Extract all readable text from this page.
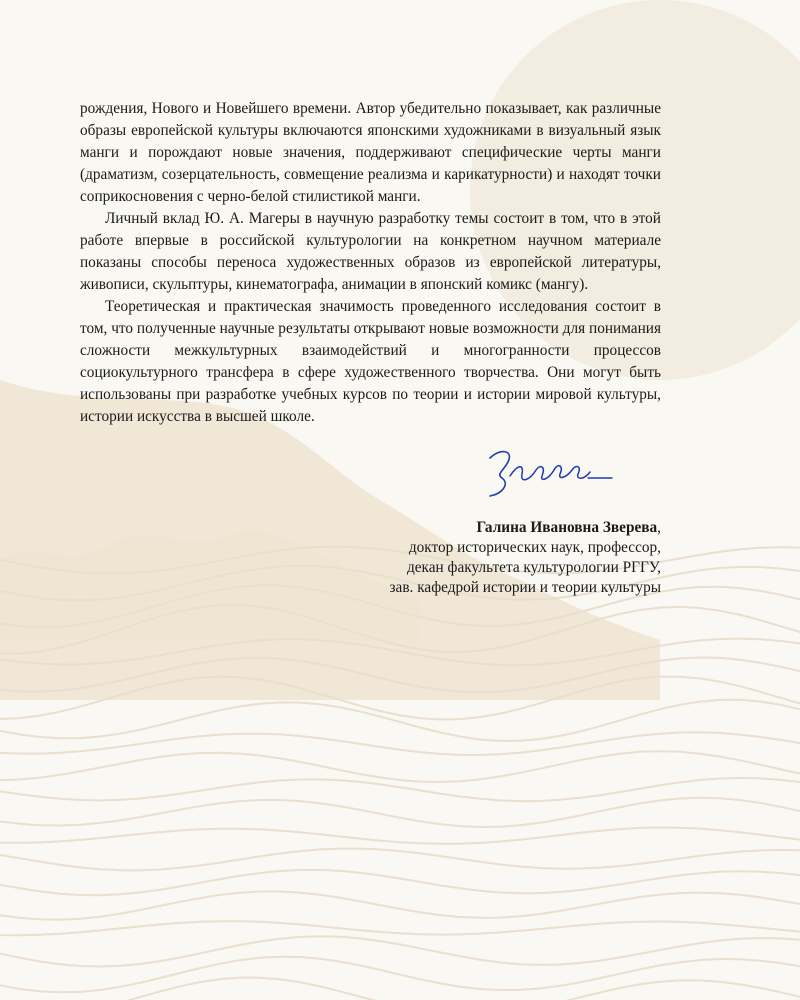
рождения, Нового и Новейшего времени. Автор убедительно показывает, как различные образы европейской культуры включаются японскими художниками в визуальный язык манги и порождают новые значения, поддерживают специфические черты манги (драматизм, созерцательность, совмещение реализма и карикатурности) и находят точки соприкосновения с черно-белой стилистикой манги.

Личный вклад Ю. А. Магеры в научную разработку темы состоит в том, что в этой работе впервые в российской культурологии на конкретном научном материале показаны способы переноса художественных образов из европейской литературы, живописи, скульптуры, кинематографа, анимации в японский комикс (мангу).

Теоретическая и практическая значимость проведенного исследования состоит в том, что полученные научные результаты открывают новые возможности для понимания сложности межкультурных взаимодействий и многогранности процессов социокультурного трансфера в сфере художественного творчества. Они могут быть использованы при разработке учебных курсов по теории и истории мировой культуры, истории искусства в высшей школе.

Галина Ивановна Зверева,
доктор исторических наук, профессор,
декан факультета культурологии РГГУ,
зав. кафедрой истории и теории культуры
